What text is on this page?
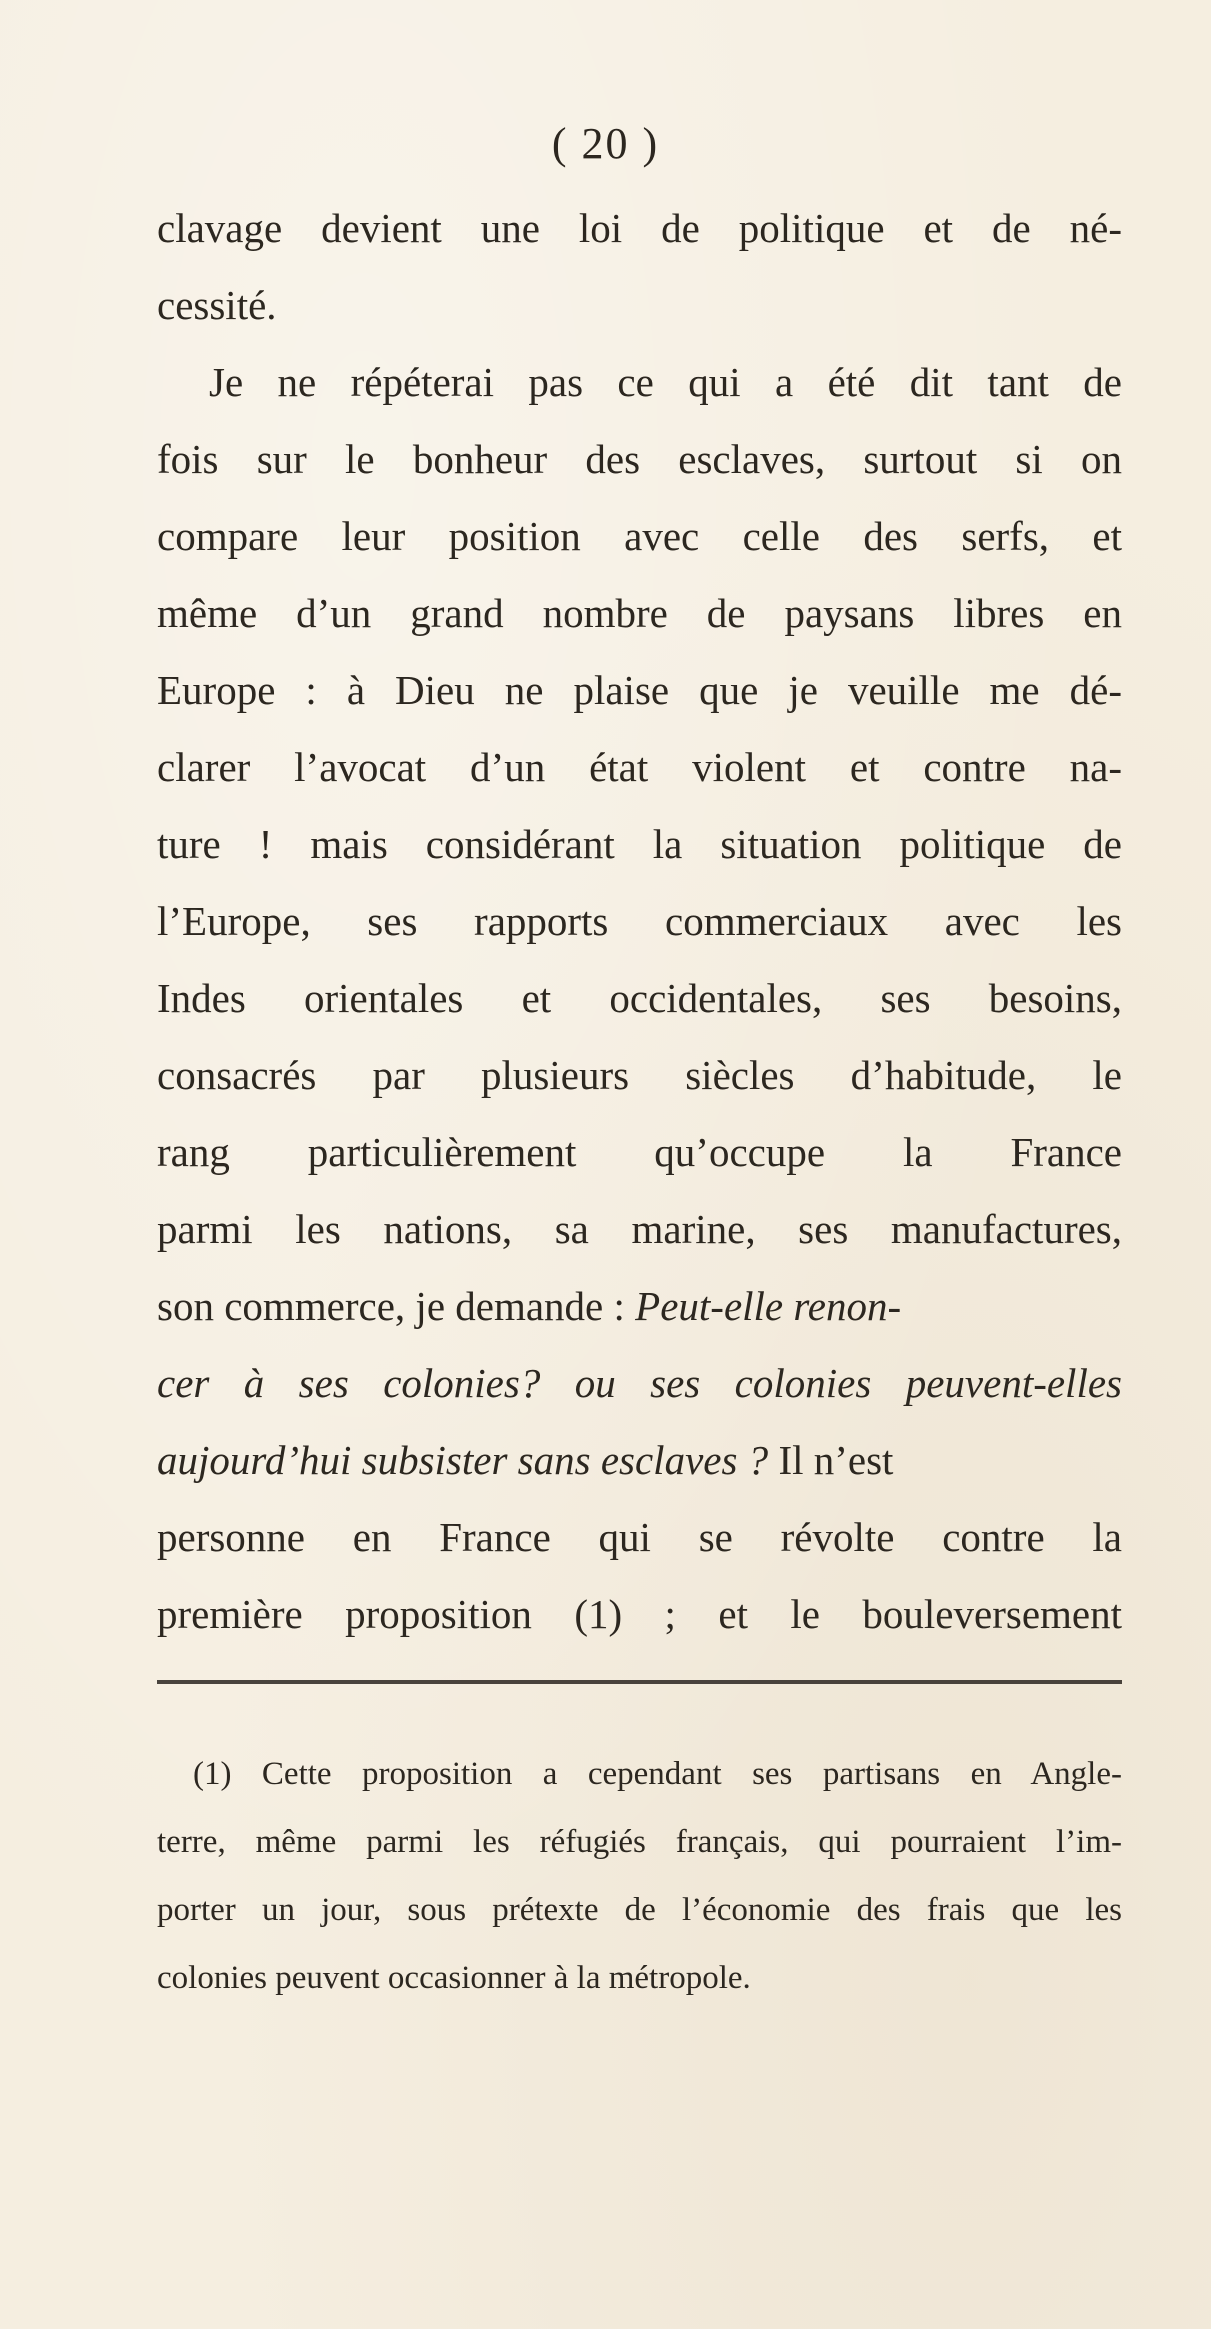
( 20 )
clavage devient une loi de politique et de né-
cessité.
Je ne répéterai pas ce qui a été dit tant de
fois sur le bonheur des esclaves, surtout si on
compare leur position avec celle des serfs, et
même d’un grand nombre de paysans libres en
Europe : à Dieu ne plaise que je veuille me dé-
clarer l’avocat d’un état violent et contre na-
ture ! mais considérant la situation politique de
l’Europe, ses rapports commerciaux avec les
Indes orientales et occidentales, ses besoins,
consacrés par plusieurs siècles d’habitude, le
rang particulièrement qu’occupe la France
parmi les nations, sa marine, ses manufactures,
son commerce, je demande : Peut-elle renon-
cer à ses colonies? ou ses colonies peuvent-elles
aujourd’hui subsister sans esclaves ? Il n’est
personne en France qui se révolte contre la
première proposition (1) ; et le bouleversement
(1) Cette proposition a cependant ses partisans en Angle-
terre, même parmi les réfugiés français, qui pourraient l’im-
porter un jour, sous prétexte de l’économie des frais que les
colonies peuvent occasionner à la métropole.
